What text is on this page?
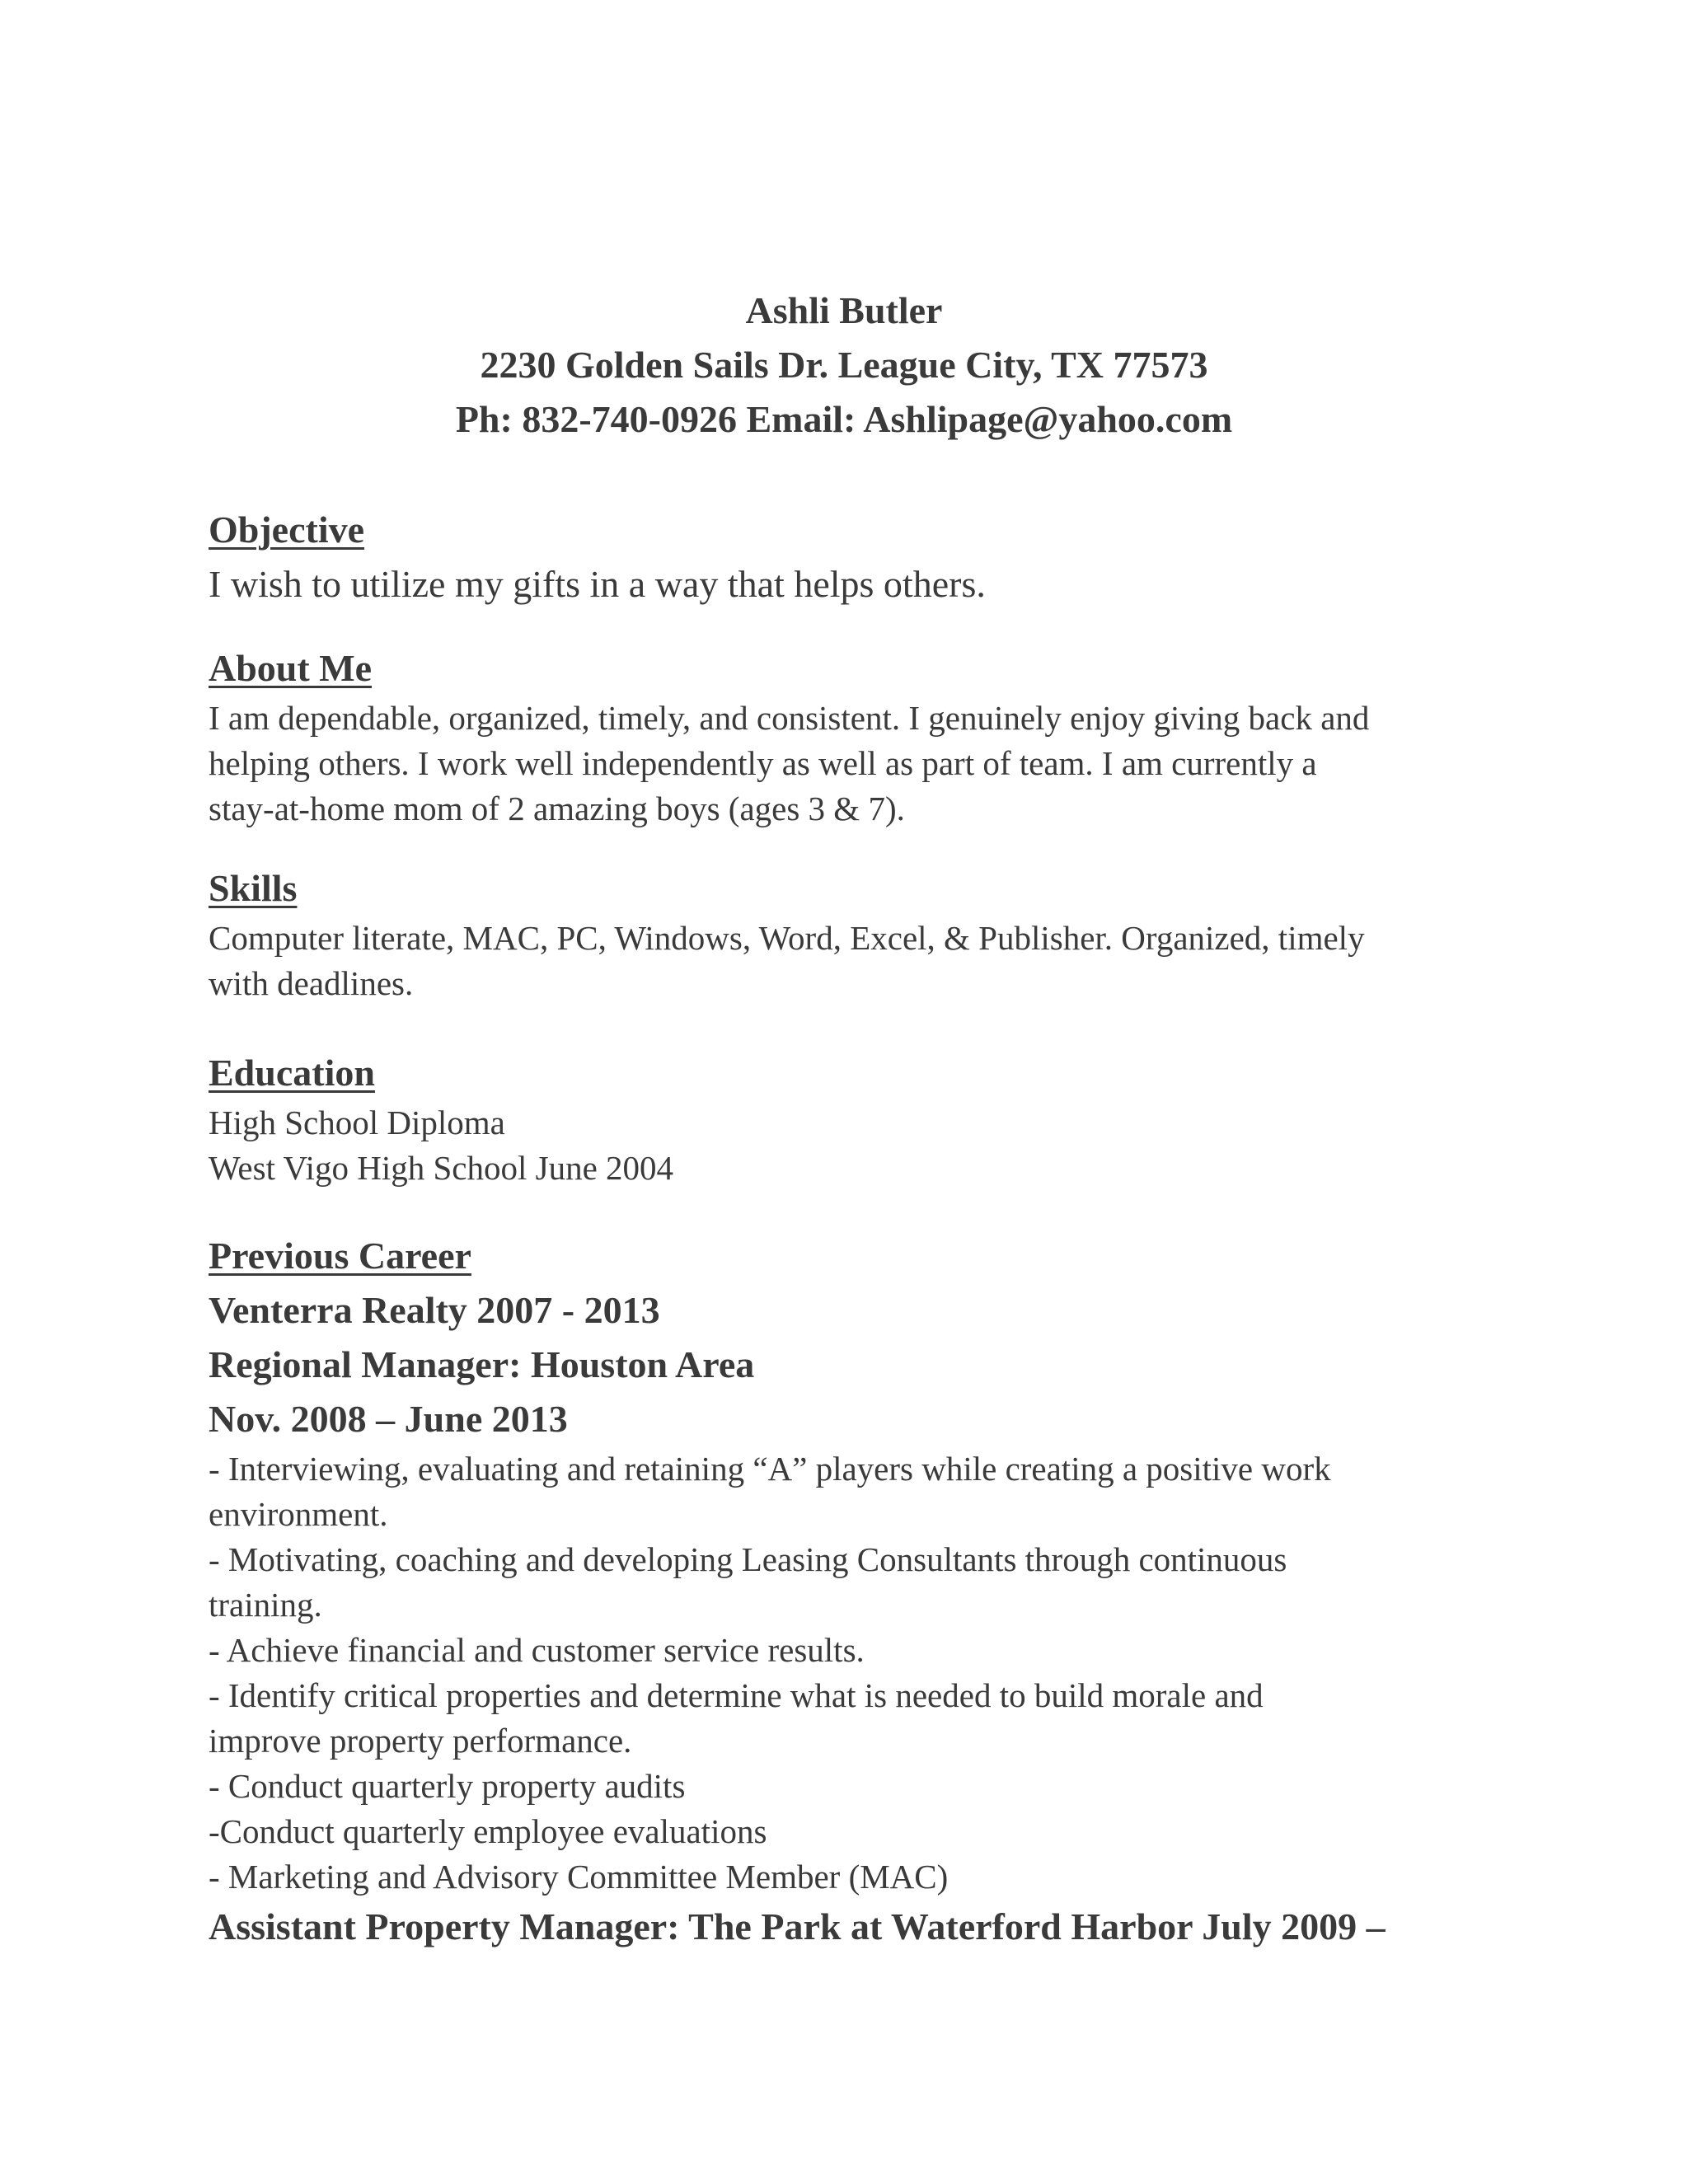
Ashli Butler
2230 Golden Sails Dr. League City, TX 77573
Ph: 832-740-0926 Email: Ashlipage@yahoo.com
Objective
I wish to utilize my gifts in a way that helps others.
About Me
I am dependable, organized, timely, and consistent. I genuinely enjoy giving back and
helping others. I work well independently as well as part of team. I am currently a
stay-at-home mom of 2 amazing boys (ages 3 & 7).
Skills
Computer literate, MAC, PC, Windows, Word, Excel, & Publisher. Organized, timely
with deadlines.
Education
High School Diploma
West Vigo High School June 2004
Previous Career
Venterra Realty 2007 - 2013
Regional Manager: Houston Area
Nov. 2008 – June 2013
- Interviewing, evaluating and retaining “A” players while creating a positive work
environment.
- Motivating, coaching and developing Leasing Consultants through continuous
training.
- Achieve financial and customer service results.
- Identify critical properties and determine what is needed to build morale and
improve property performance.
- Conduct quarterly property audits
-Conduct quarterly employee evaluations
- Marketing and Advisory Committee Member (MAC)
Assistant Property Manager: The Park at Waterford Harbor July 2009 –
